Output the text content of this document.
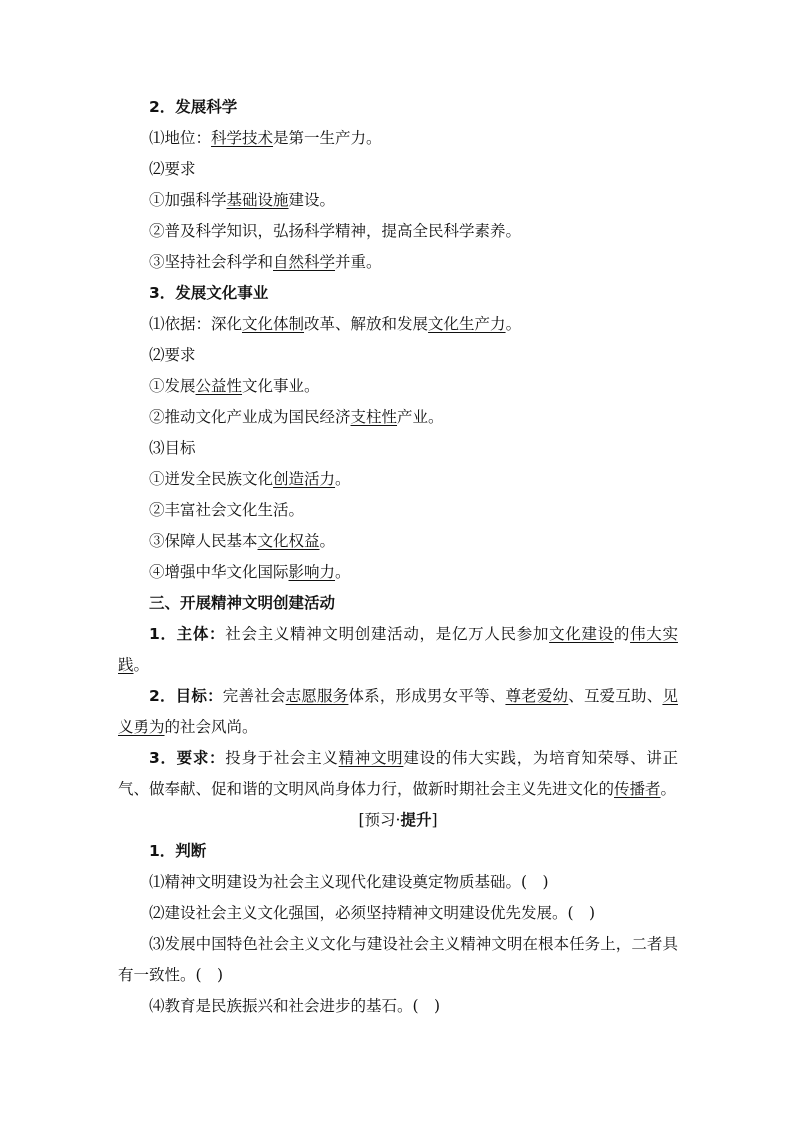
2．发展科学
⑴地位：科学技术是第一生产力。
⑵要求
①加强科学基础设施建设。
②普及科学知识，弘扬科学精神，提高全民科学素养。
③坚持社会科学和自然科学并重。
3．发展文化事业
⑴依据：深化文化体制改革、解放和发展文化生产力。
⑵要求
①发展公益性文化事业。
②推动文化产业成为国民经济支柱性产业。
⑶目标
①迸发全民族文化创造活力。
②丰富社会文化生活。
③保障人民基本文化权益。
④增强中华文化国际影响力。
三、开展精神文明创建活动
1．主体：社会主义精神文明创建活动，是亿万人民参加文化建设的伟大实践。
2．目标：完善社会志愿服务体系，形成男女平等、尊老爱幼、互爱互助、见义勇为的社会风尚。
3．要求：投身于社会主义精神文明建设的伟大实践，为培育知荣辱、讲正气、做奉献、促和谐的文明风尚身体力行，做新时期社会主义先进文化的传播者。
[预习·提升]
1．判断
⑴精神文明建设为社会主义现代化建设奠定物质基础。(　)
⑵建设社会主义文化强国，必须坚持精神文明建设优先发展。(　)
⑶发展中国特色社会主义文化与建设社会主义精神文明在根本任务上，二者具有一致性。(　)
⑷教育是民族振兴和社会进步的基石。(　)
